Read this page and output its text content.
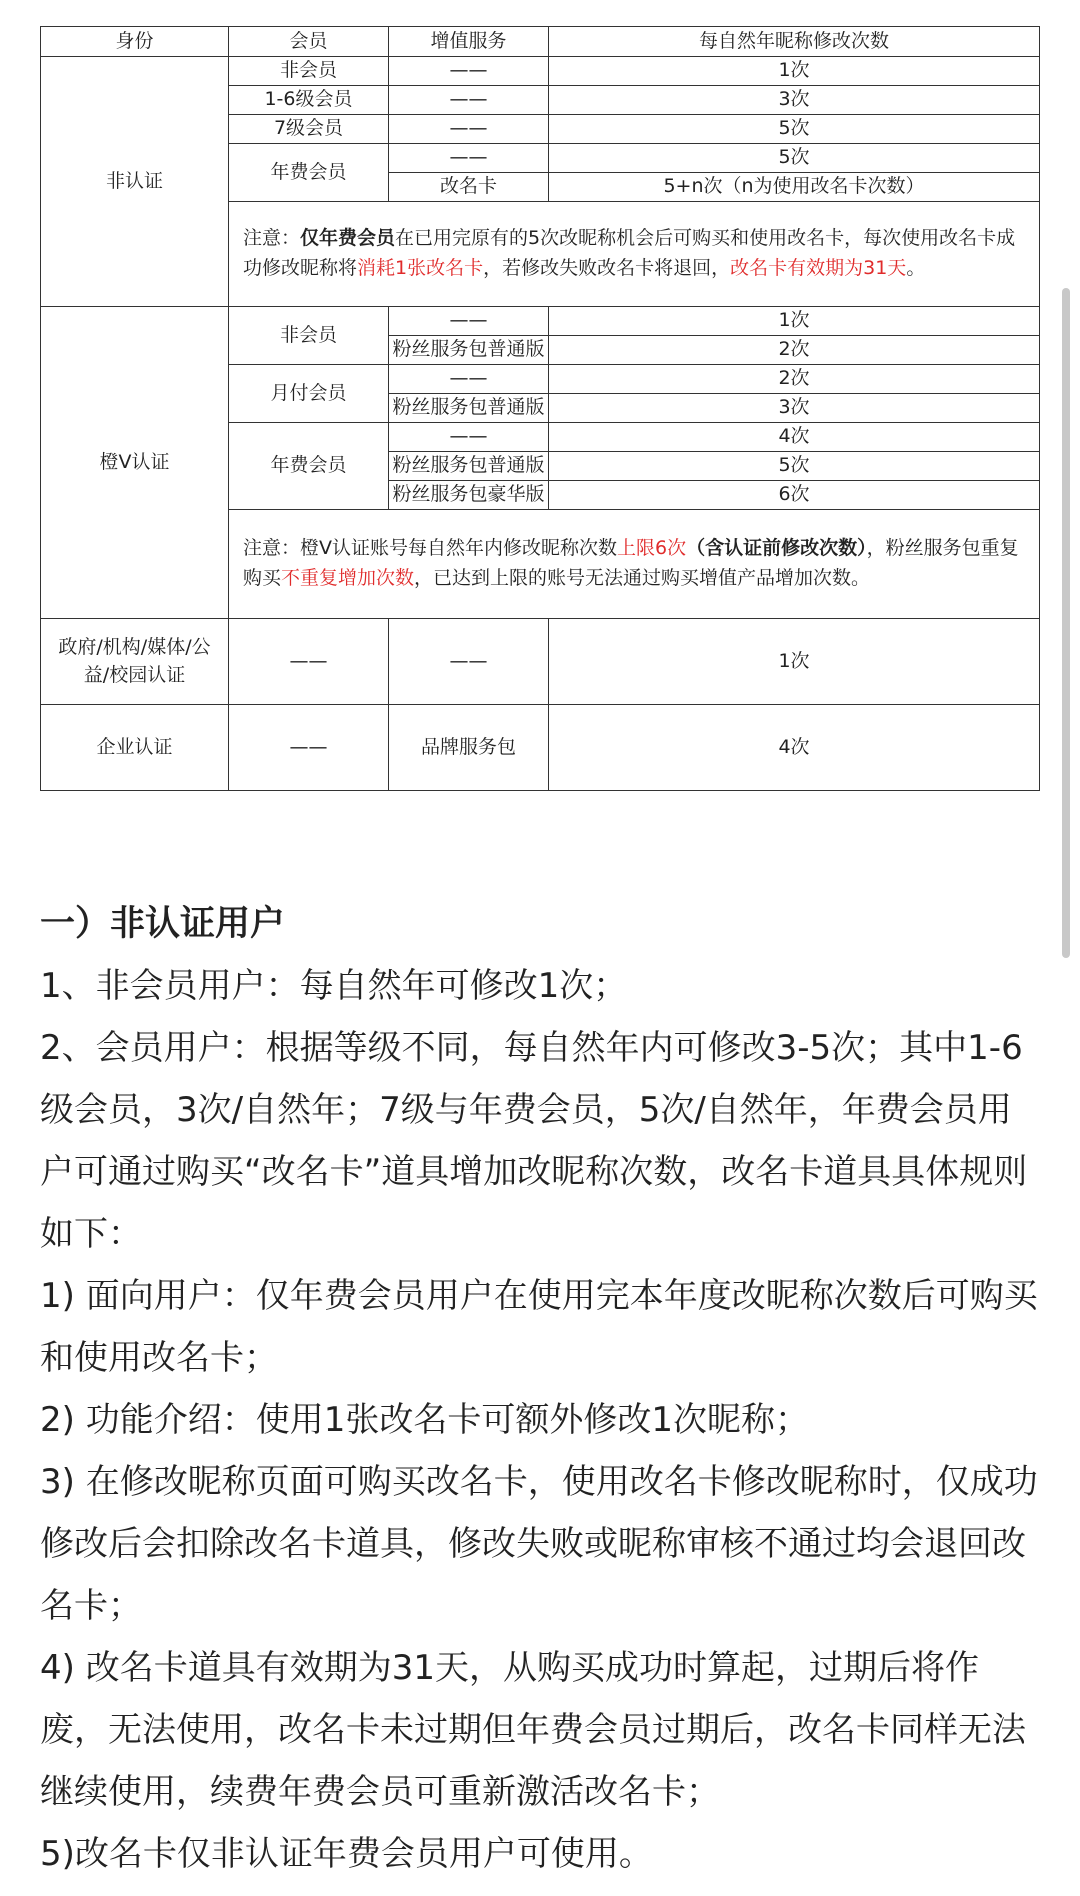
身份	会员	增值服务	每自然年昵称修改次数
非认证	非会员	——	1次
	1-6级会员	——	3次
	7级会员	——	5次
	年费会员	——	5次
		改名卡	5+n次（n为使用改名卡次数）
	注意：仅年费会员在已用完原有的5次改昵称机会后可购买和使用改名卡，每次使用改名卡成功修改昵称将消耗1张改名卡，若修改失败改名卡将退回，改名卡有效期为31天。		

橙V认证	非会员	——	1次
		粉丝服务包普通版	2次
	月付会员	——	2次
		粉丝服务包普通版	3次
	年费会员	——	4次
		粉丝服务包普通版	5次
		粉丝服务包豪华版	6次
	注意：橙V认证账号每自然年内修改昵称次数上限6次（含认证前修改次数），粉丝服务包重复购买不重复增加次数，已达到上限的账号无法通过购买增值产品增加次数。		
政府/机构/媒体/公益/校园认证	——	——	1次
企业认证	——	品牌服务包	4次
一）非认证用户

1、非会员用户：每自然年可修改1次；

2、会员用户：根据等级不同，每自然年内可修改3-5次；其中1-6级会员，3次/自然年；7级与年费会员，5次/自然年，年费会员用户可通过购买“改名卡”道具增加改昵称次数，改名卡道具具体规则如下：

1) 面向用户：仅年费会员用户在使用完本年度改昵称次数后可购买和使用改名卡；

2) 功能介绍：使用1张改名卡可额外修改1次昵称；

3) 在修改昵称页面可购买改名卡，使用改名卡修改昵称时，仅成功修改后会扣除改名卡道具，修改失败或昵称审核不通过均会退回改名卡；

4) 改名卡道具有效期为31天，从购买成功时算起，过期后将作废，无法使用，改名卡未过期但年费会员过期后，改名卡同样无法继续使用，续费年费会员可重新激活改名卡；

5)改名卡仅非认证年费会员用户可使用。
